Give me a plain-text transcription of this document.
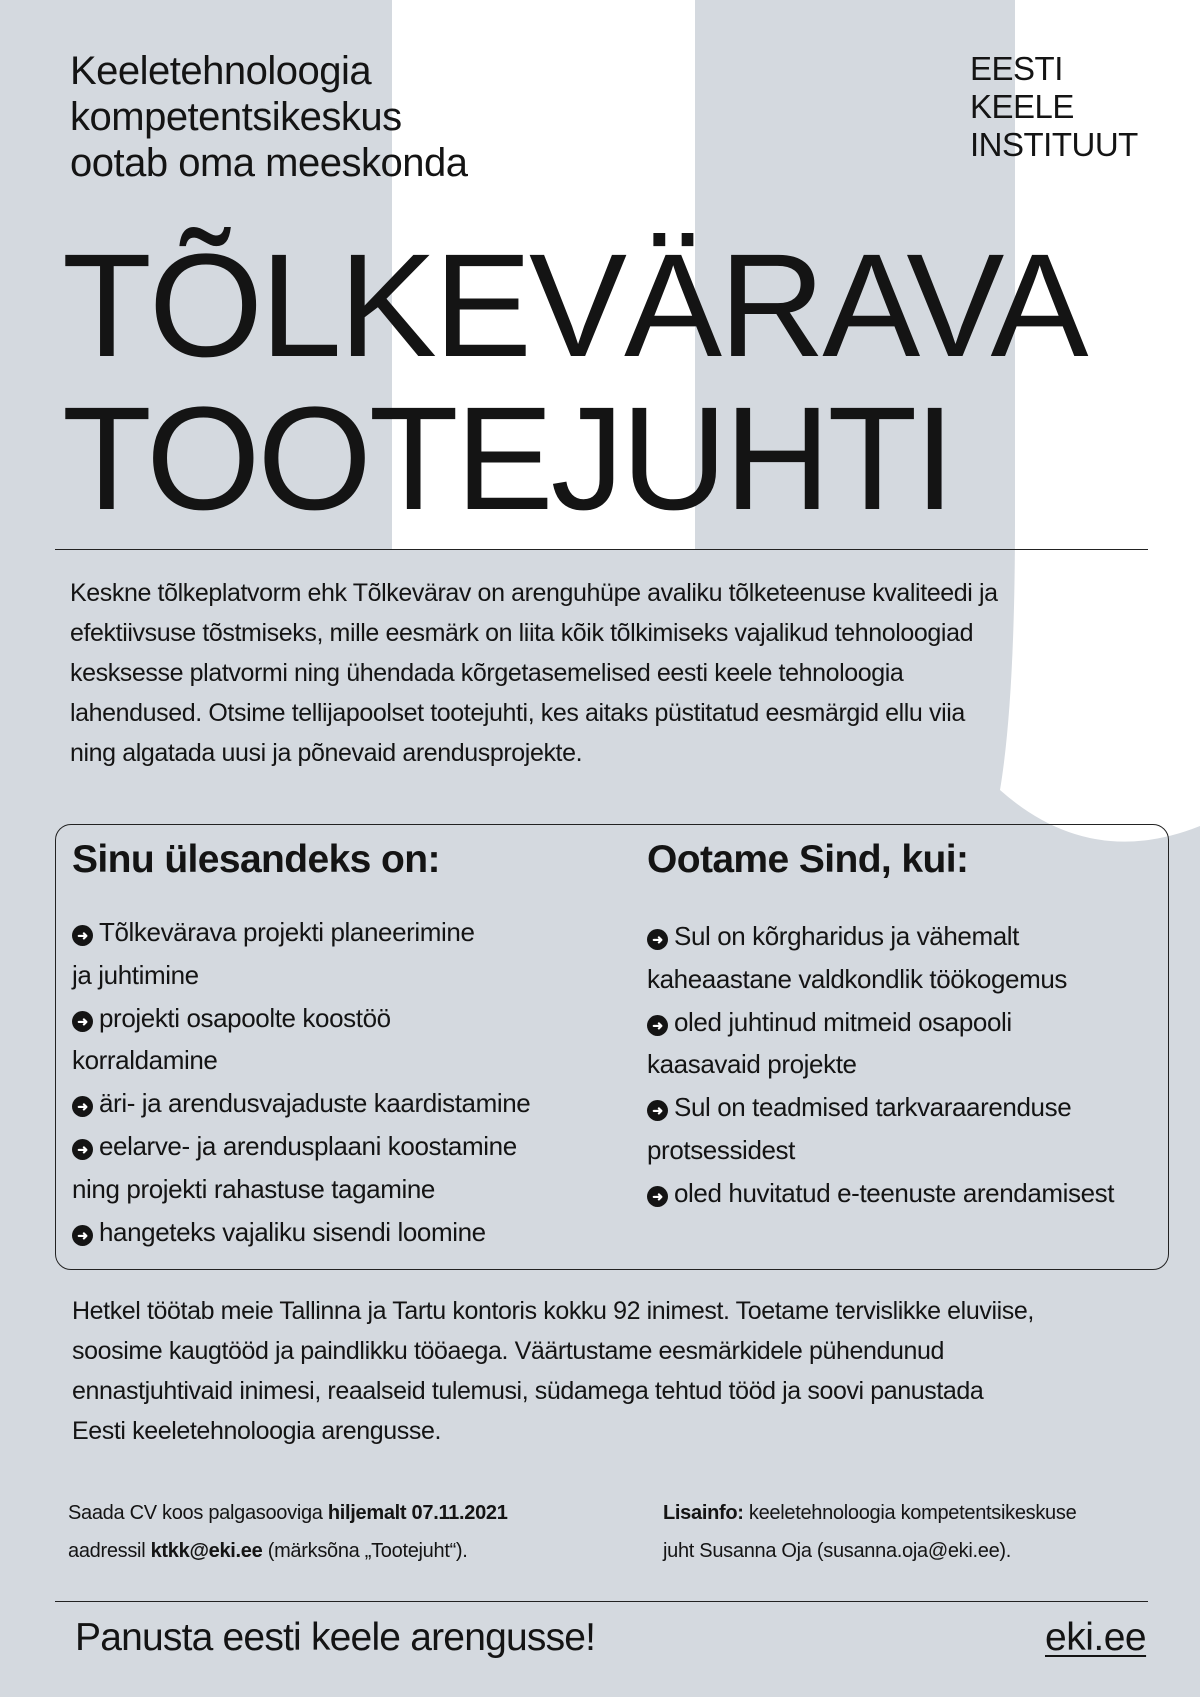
Keeletehnoloogia
kompetentsikeskus
ootab oma meeskonda
EESTI
KEELE
INSTITUUT
TÕLKEVÄRAVA
TOOTEJUHTI
Keskne tõlkeplatvorm ehk Tõlkevärav on arenguhüpe avaliku tõlketeenuse kvaliteedi ja
efektiivsuse tõstmiseks, mille eesmärk on liita kõik tõlkimiseks vajalikud tehnoloogiad
kesksesse platvormi ning ühendada kõrgetasemelised eesti keele tehnoloogia
lahendused. Otsime tellijapoolset tootejuhti, kes aitaks püstitatud eesmärgid ellu viia
ning algatada uusi ja põnevaid arendusprojekte.
Sinu ülesandeks on:
➜ Tõlkevärava projekti planeerimine
ja juhtimine
➜ projekti osapoolte koostöö
korraldamine
➜ äri- ja arendusvajaduste kaardistamine
➜ eelarve- ja arendusplaani koostamine
ning projekti rahastuse tagamine
➜ hangeteks vajaliku sisendi loomine
Ootame Sind, kui:
➜ Sul on kõrgharidus ja vähemalt
kaheaastane valdkondlik töökogemus
➜ oled juhtinud mitmeid osapooli
kaasavaid projekte
➜ Sul on teadmised tarkvaraarenduse
protsessidest
➜ oled huvitatud e-teenuste arendamisest
Hetkel töötab meie Tallinna ja Tartu kontoris kokku 92 inimest. Toetame tervislikke eluviise,
soosime kaugtööd ja paindlikku tööaega. Väärtustame eesmärkidele pühendunud
ennastjuhtivaid inimesi, reaalseid tulemusi, südamega tehtud tööd ja soovi panustada
Eesti keeletehnoloogia arengusse.
Saada CV koos palgasooviga hiljemalt 07.11.2021
aadressil ktkk@eki.ee (märksõna „Tootejuht“).
Lisainfo: keeletehnoloogia kompetentsikeskuse
juht Susanna Oja (susanna.oja@eki.ee).
Panusta eesti keele arengusse!	eki.ee
